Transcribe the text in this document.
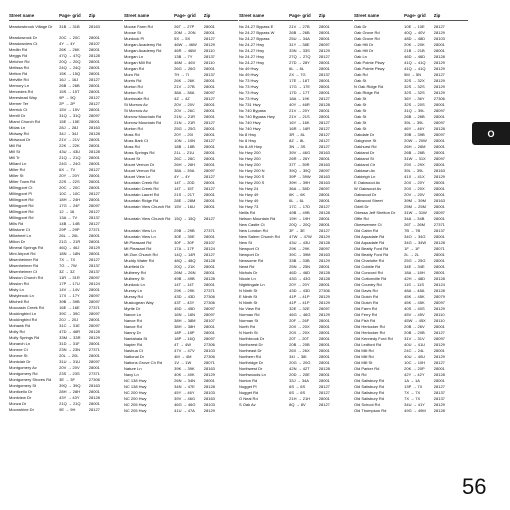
Street name	Page- grid	Zip
Meadowbrook Village Dr	31B → 31B	28163
Meadowrock Dr	20C → 20C	28001
Meadowview Ct	4Y → 4Y	28107
Medlin Rd	26K → 26K	28001
Meggs Rd	47Q → 47Q	28128
Melchor Rd	20Q → 20Q	28001
Melissa Rd	24Q → 24Q	28001
Melton Rd	15K → 15Q	28001
Melville Rd	16J → 16J	28127
Memory Ln	26B → 26B	28001
Mercedes Rd	15S → 15T	28001
Merestead Way	9P → 9Q	28127
Merner Ter	2P → 2P	28127
Merrick Ct	15V → 15V	28001
Merrill Dr	31Q → 31Q	28097
Miami Church Rd	15E → 15E	28001
Midas Ln	28J → 28J	28163
Midway Rd	34J → 34J	28128
Midwood Dr	21V → 21V	28001
Mill Rd	22K → 22K	28001
Mill St	43U → 43U	28128
Mill Tr	21Q → 21Q	28001
Millard Ln	24G → 24G	28001
Miller Rd	6X → 7V	28127
Miller St	20Y → 20Y	28001
Miller Town Rd	22S → 22S	28001
Millingport Ct	20C → 20C	28001
Millingport Pl	10C → 10C	28127
Millingport Rd	18H → 24H	28001
Millingport Rd	17G → 24F	28097
Millingport Rd	12 → 16	28127
Millingport Rd	13A → 7V	28137
Mills Rd	14B → 14B	28127
Millstone Ct	29P → 29P	27371
Millwheel Ln	26L → 26L	28001
Milton Dr	21G → 21R	28001
Mineral Springs Rd	46Q → 46J	28129
Mint Airport Rd	18N → 18N	28001
Misenheimer Rd	7X → 7X	28127
Misenheimer Rd	7G → 7W	28137
Misenheimer Ct	3Z → 3Z	28137
Mission Church Rd	11R → 31R	28097
Mission Rd	17P → 17U	28124
Misty Ln	14V → 14V	28001
Mistybrook Ln	17X → 17Y	28097
Mitchell Rd	39B → 39B	28097
Moccasin Creek Rd	16E → 16E	27371
Mockingbird Ln	39C → 39C	28097
Mockingbird Rd	20J → 20J	28001
Mohawk Rd	31C → 31E	28097
Molly Rd	47D → 46R	28128
Molly Springs Rd	33M → 33R	28129
Monarch Ln	31D → 31F	28001
Monroe Ct	23N → 23N	27371
Monroe St	20L → 20L	28001
Montclair Dr	31U → 31U	28097
Montgomery Av	20V → 20V	28001
Montgomery Rd	23S → 23S	27371
Montgomery Shores Rd	3E → 3F	27306
Montgomery St	39Q → 39Q	28163
Monticello Dr	28H → 28H	28001
Montview Dr	43Y → 43Y	28128
Monza Dr	21Q → 21Q	28001
Moonshine Dr	9E → 9H	28127
Street name	Page- grid	Zip
Moose Farm Rd	26T → 27P	28001
Moose St	20M → 20N	28001
Murdock Pl	5X → 5X	28127
Morgan Academy Rd	46W → 46W	28129
Morgan Academy Rd	46R → 46W	28110
Morgan Ln	13B → 7Y	28137
Morgan Mill Rd	46M → 46V	28110
Morgan Rd	26G → 26G	28001
Moro Rd	7H → 7I	28137
Morris Rd	26K → 26K	28001
Morton Rd	21V → 27B	28001
Morton Rd	38A → 38A	28097
Morrisvale Rd	4Z → 4Z	28127
St Morrow Av	20V → 20V	28001
St Morrow Av	20V → 26C	28001
Morrow Mountain Rd	21N → 21R	28001
Morrow Mountain Rd	21N → 21R	28127
Morton Rd	25G → 25G	28001
Moss Rd	20Y → 20I	28001
Moss Bark Ct	10N → 10N	28127
Moss Rd	18B → 18B	28001
Moss Springs Rd	21L → 21U	28001
Mount St	26C → 26C	28001
Mount Vernon Dr	26H → 26H	28001
Mount Vernon Rd	38A → 39A	28097
Mount View Ln	4Y → 4Y	28127
Mountain Creek Rd	14T → 20D	28001
Mountain Creek Rd	14T → 15T	28127
Mountain Laurel Rd	21S → 21T	28001
Mountain Ridge Rd	28E → 28M	28001
Mountain View Church Rd 15V → 16U	28001
Mountain View Church Rd 15Q → 15Q	28127
Mountain View Ln	29B → 29B	27371
Mountain View Ln	30E → 30E	28001
Mt Pleasant Rd	30F → 30F	28107
Mt Pleasant Rd	17A → 17F	28124
Mt Zion Church Rd	14Q → 14R	28127
Muddy Water Rd	48Q → 48Q	28128
Muirfield Dr	20Q → 21K	28001
Mulberry Rd	26M → 26N	28001
Mulberry St	49B → 49B	28128
Murdock Ln	14T → 14T	28001
Murray Ln	29K → 29K	27371
Murray Rd	43D → 43D	27306
Muskogean Way	43T → 43Y	27306
Myrtle Dr	45D → 45D	28097
Nance Ln	16N → 16N	28097
Nance Rd	38H → 38M	28107
Nance Rd	38H → 38H	28001
Nanny Dr	18P → 18P	28001
Nantahala St	18P → 16Q	28097
Napier Rd	4T → 4W	27306
Nashua Ct	47V → 47V	28103
National Dr	4M → 4M	27306
Nations Grove Ch Rd	1V → 1W	28071
Nature Ln	39K → 39K	28163
Navy Ln	40K → 40K	28129
NC 138 Hwy	26N → 34N	28001
NC 138 Hwy	34N → 47E	28128
NC 200 Hwy	45Y → 46Y	28103
NC 200 Hwy	39V → 46G	28163
NC 205 Hwy	46G → 46G	28103
NC 205 Hwy	41U → 47A	28129
Street name	Page- grid	Zip
Nc 24-27 Bypass E	21V → 27B	28001
Nc 24-27 Bypass W	26B → 26B	28001
Nc 24-27 Bypass	25U → 34A	28001
Nc 24-27 Hwy	31Y → 38E	28097
Nc 24-27 Hwy	33N → 33S	28129
Nc 24-27 Hwy	27Q → 27Q	28127
Nc 24-27 Hwy	27D → 28Y	28001
Nc 49 Hwy	6L → 6L	28001
Nc 49 Hwy	2X → 7G	28137
Nc 73 Hwy	17E → 18T	28001
Nc 73 Hwy	17G → 17E	28001
Nc 73 Hwy	17D → 17T	28001
Nc 73 Hwy	18A → 19K	28127
Nc 731 Hwy	40Y → 46R	28128
Nc 740 Bypass	21V → 20Y	28001
Nc 740 Bypass Hwy	21V → 21S	28001
Nc 740 Hwy	16Y → 16K	28127
Nc 740 Hwy	16R → 16R	28127
Nc 8 Hwy	3R → 8L	28127
Nc 8 Hwy	8Z → 8L	28127
Nc 8-49 Hwy	3N → 3S	28127
Nc Hwy 200	39V → 46G	28163
Nc Hwy 200	26R → 26Y	28001
Nc Hwy 200	37T → 39R	28163
Nc Hwy 200 N	39Q → 39Q	28097
Nc Hwy 200 S	39P → 39W	28163
Nc Hwy 200 S	39H → 39H	28163
Nc Hwy 24	36A → 38D	28097
Nc Hwy 49	6K → 6K	28001
Nc Hwy 49	6L → 6L	28001
Nc Hwy 73	17C → 17D	28127
Neills Rd	49B → 49B	28128
Nelson Mountain Rd	19H → 19H	28001
New Castle Ct	20Q → 20Q	28001
New London Rd	3F → 3E	28127
New Salem Church Rd	47W → 47W	28129
New St	43U → 43U	28128
Newport Ct	29K → 29K	28097
Newport Dr	39C → 39M	28163
Newsome Rd	33B → 33B	28129
Newt Rd	25N → 25N	28001
Nichols Dr	46D → 46D	28128
Nicole Ln	43G → 43G	28128
Nightingale Ln	20Y → 20Y	28001
N Ninth St	43D → 43D	27306
E Ninth St	41P → 41P	28129
N Ninth St	41P → 41P	28129
No View Rd	32E → 32E	28097
Norman Rd	46G → 46G	28129
Norman St	20F → 26F	28001
North Rd	20X → 20X	28001
N North St	20X → 20X	28001
Northbrook Dr	20T → 20T	28001
Northcrest Dr	20B → 20B	28001
Northeast Dr	26X → 26X	28001
Northern Rd	34I → 38I	28001
Northridge Dr	20G → 20G	28001
Northwest Dr	42N → 42T	28128
Northwoods Ln	20D → 20E	28001
Norton Rd	33J → 34A	28001
Nugget Pl	6S → 6S	28127
Nugget Rd	6S → 6S	28127
O Neal Rd	21H → 21H	28001
S Oak Av	8Q → 8V	28127
Street name	Page- grid	Zip
Oak Dr	10E → 10E	28127
Oak Grove Rd	40Q → 40V	28129
Oak Grove Rd	48D → 48D	28103
Oak Hill Dr	20K → 20K	28001
Oak Hill Dr	21B → 21B	28001
Oak Ln	46D → 46D	28128
Oak Pointe Pkwy	41Q → 41Q	28129
Oak Pointe Pkwy	41Q → 41Q	28129
Oak Rd	5M → 5N	28127
Oak St	32S → 32X	28129
N Oak Ridge Rd	32S → 32S	28129
Oak Ridge Rd	32S → 32S	28129
Oak St	36Y → 36Y	27306
Oak St	32S → 20S	28001
Oak St	31Q → 39L	28097
Oak St	26B → 26B	28001
Oak St	39L → 39L	28097
Oak St	46Y → 46Y	28128
Oakdale Dr	39B → 39B	28097
Oakgrove St	20W → 20W	28001
Oakhurst Rd	26H → 26M	28001
Oakland Dr	26B → 26B	28001
Oakland St	31W → 31X	28097
Oakland Cir	29X → 29X	28001
Oaklawn Av	39L → 39L	28163
Oakleigh Ln	41X → 41X	28129
E Oakwood Av	20X → 20Y	28001
W Oakwood Av	20X → 20X	28001
Oakwood Dr	20V → 20V	28001
Oakwood Street	39M → 39M	28163
Odell Dr	25M → 25M	28001
Odessa Jeff Shelton Dr	31W → 31W	28097
Offie Rd	34A → 34B	28001
Okeewemee Ct	26T → 26M	27371
Old Cabin Rd	7B → 7B	28137
Old Aquadale Rd	34O → 34G	28001
Old Aquadale Rd	34G → 34W	28128
Old Beatty Ford Rd	1F → 1F	28071
Old Beatty Ford Rd	2L → 2L	28001
Old Charlotte Rd	25G → 25G	28001
Old Cobble Rd	34E → 34E	28001
Old Concord Rd	18A → 18H	28001
Old Cottonville Rd	42H → 48D	28128
Old Country Rd	11S → 11S	28124
Old Davis Rd	48A → 48A	28128
Old Dutch Rd	45K → 45K	28079
Old Dutch Rd	45K → 45K	28097
Old Farm Rd	40S → 40S	28129
Old Ferry Rd	45V → 45V	28110
Old Fish Rd	45W → 45X	28110
Old Herlocker Rd	20B → 26V	28001
Old Herlocker Rd	20B → 20B	28127
Old Kennedy Ford Rd	31V → 31V	28097
Old Ledford Rd	40U → 41U	28129
Old Mill Rd	24C → 24L	28001
Old Mill Rd	40U → 40U	28129
Old Mill St	10C → 10H	28127
Old Parker Rd	20K → 20P	28001
Old Rd	42Y → 42Y	28128
Old Salisbury Rd	1A → 1A	28001
Old Salisbury Rd	13P → 7X	28127
Old Salisbury Rd	7X → 7X	28137
Old Salisbury Rd	7X → 7X	28137
Old School Rd	34U → 41Y	28129
Old Thompson Rd	49G → 49M	28128
O
56
